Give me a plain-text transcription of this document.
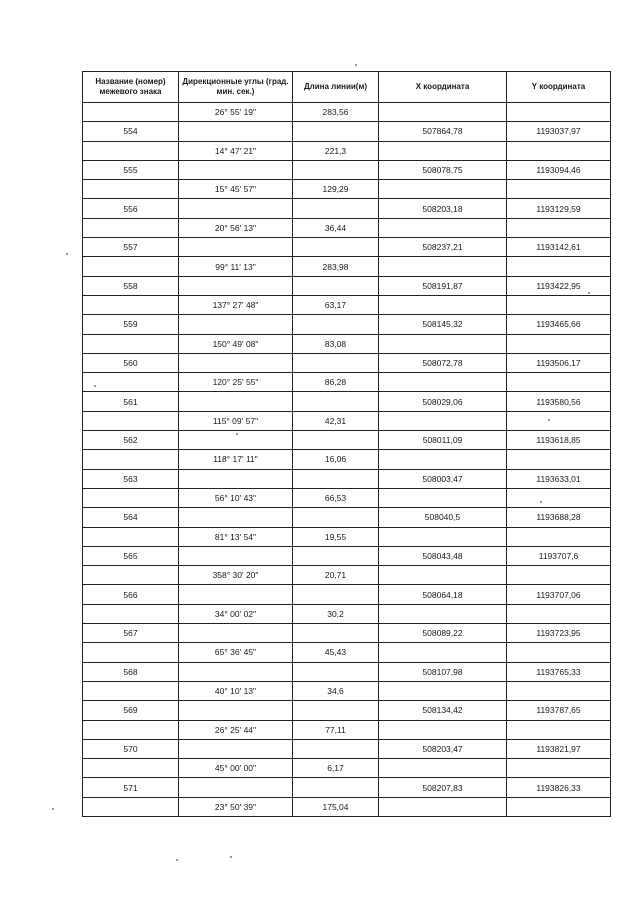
Название (номер) межевого знака	Дирекционные углы (град. мин. сек.)	Длина линии(м)	X координата	Y координата
	26° 55' 19"	283,56		
554			507864,78	1193037,97
	14° 47' 21"	221,3		
555			508078,75	1193094,46
	15° 45' 57"	129,29		
556			508203,18	1193129,59
	20° 56' 13"	36,44		
557			508237,21	1193142,61
	99° 11' 13"	283,98		
558			508191,87	1193422,95
	137° 27' 48"	63,17		
559			508145,32	1193465,66
	150° 49' 08"	83,08		
560			508072,78	1193506,17
	120° 25' 55"	86,28		
561			508029,06	1193580,56
	115° 09' 57"	42,31		
562			508011,09	1193618,85
	118° 17' 11"	16,06		
563			508003,47	1193633,01
	56° 10' 43"	66,53		
564			508040,5	1193688,28
	81° 13' 54"	19,55		
565			508043,48	1193707,6
	358° 30' 20"	20,71		
566			508064,18	1193707,06
	34° 00' 02"	30,2		
567			508089,22	1193723,95
	65° 36' 45"	45,43		
568			508107,98	1193765,33
	40° 10' 13"	34,6		
569			508134,42	1193787,65
	26° 25' 44"	77,11		
570			508203,47	1193821,97
	45° 00' 00"	6,17		
571			508207,83	1193826,33
	23° 50' 39"	175,04		
